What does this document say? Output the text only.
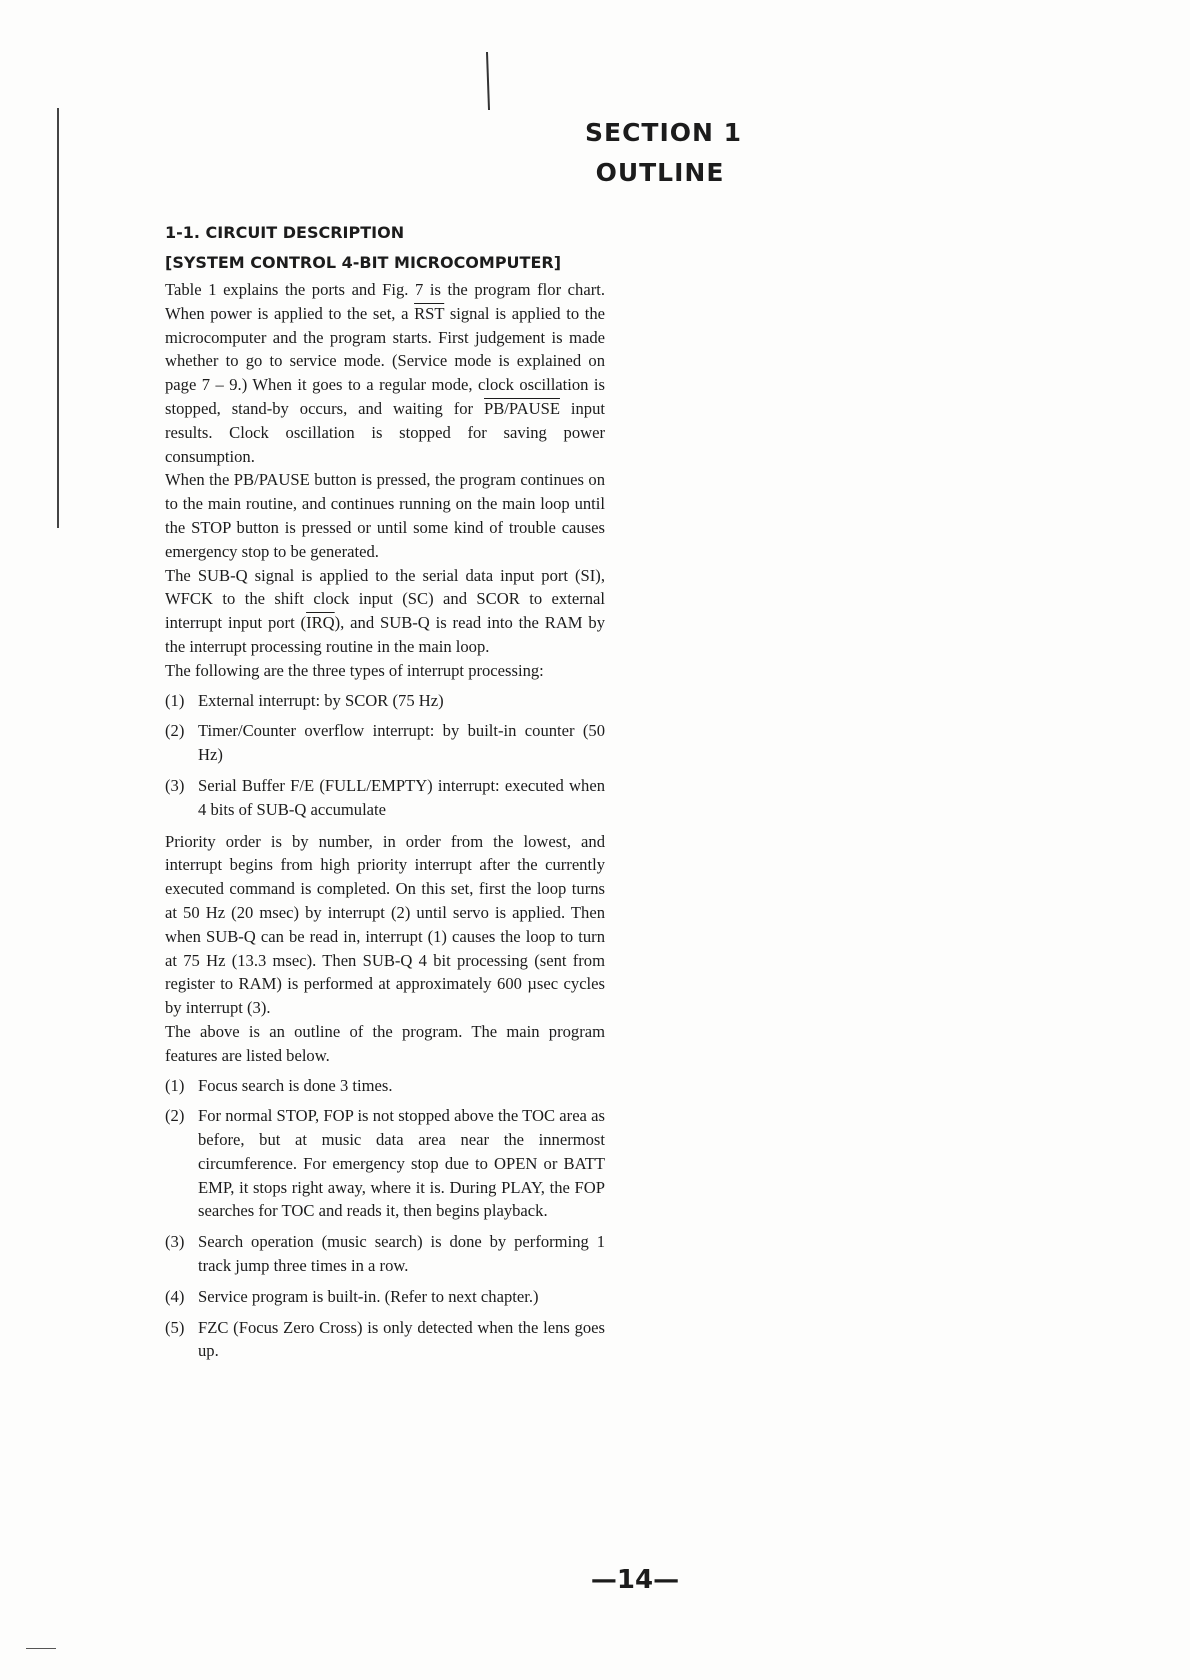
SECTION 1
OUTLINE

1-1. CIRCUIT DESCRIPTION

[SYSTEM CONTROL 4-BIT MICROCOMPUTER]

Table 1 explains the ports and Fig. 7 is the program flor chart. When power is applied to the set, a $\overline{RST}$ signal is applied to the microcomputer and the program starts. First judgement is made whether to go to service mode. (Service mode is explained on page 7 – 9.) When it goes to a regular mode, clock oscillation is stopped, stand-by occurs, and waiting for PB/PAUSE input results. Clock oscillation is stopped for saving power consumption.

When the PB/PAUSE button is pressed, the program continues on to the main routine, and continues running on the main loop until the STOP button is pressed or until some kind of trouble causes emergency stop to be generated.

The SUB-Q signal is applied to the serial data input port (SI), WFCK to the shift clock input (SC) and SCOR to external interrupt input port $(\overline{IRQ})$, and SUB-Q is read into the RAM by the interrupt processing routine in the main loop.

The following are the three types of interrupt processing:

(1) External interrupt: by SCOR (75 Hz)
(2) Timer/Counter overflow interrupt: by built-in counter (50 Hz)
(3) Serial Buffer F/E (FULL/EMPTY) interrupt: executed when 4 bits of SUB-Q accumulate

Priority order is by number, in order from the lowest, and interrupt begins from high priority interrupt after the currently executed command is completed. On this set, first the loop turns at 50 Hz (20 msec) by interrupt (2) until servo is applied. Then when SUB-Q can be read in, interrupt (1) causes the loop to turn at 75 Hz (13.3 msec). Then SUB-Q 4 bit processing (sent from register to RAM) is performed at approximately 600 µsec cycles by interrupt (3).

The above is an outline of the program. The main program features are listed below.

(1) Focus search is done 3 times.
(2) For normal STOP, FOP is not stopped above the TOC area as before, but at music data area near the innermost circumference. For emergency stop due to OPEN or BATT EMP, it stops right away, where it is. During PLAY, the FOP searches for TOC and reads it, then begins playback.
(3) Search operation (music search) is done by performing 1 track jump three times in a row.
(4) Service program is built-in. (Refer to next chapter.)
(5) FZC (Focus Zero Cross) is only detected when the lens goes up.
—14—
